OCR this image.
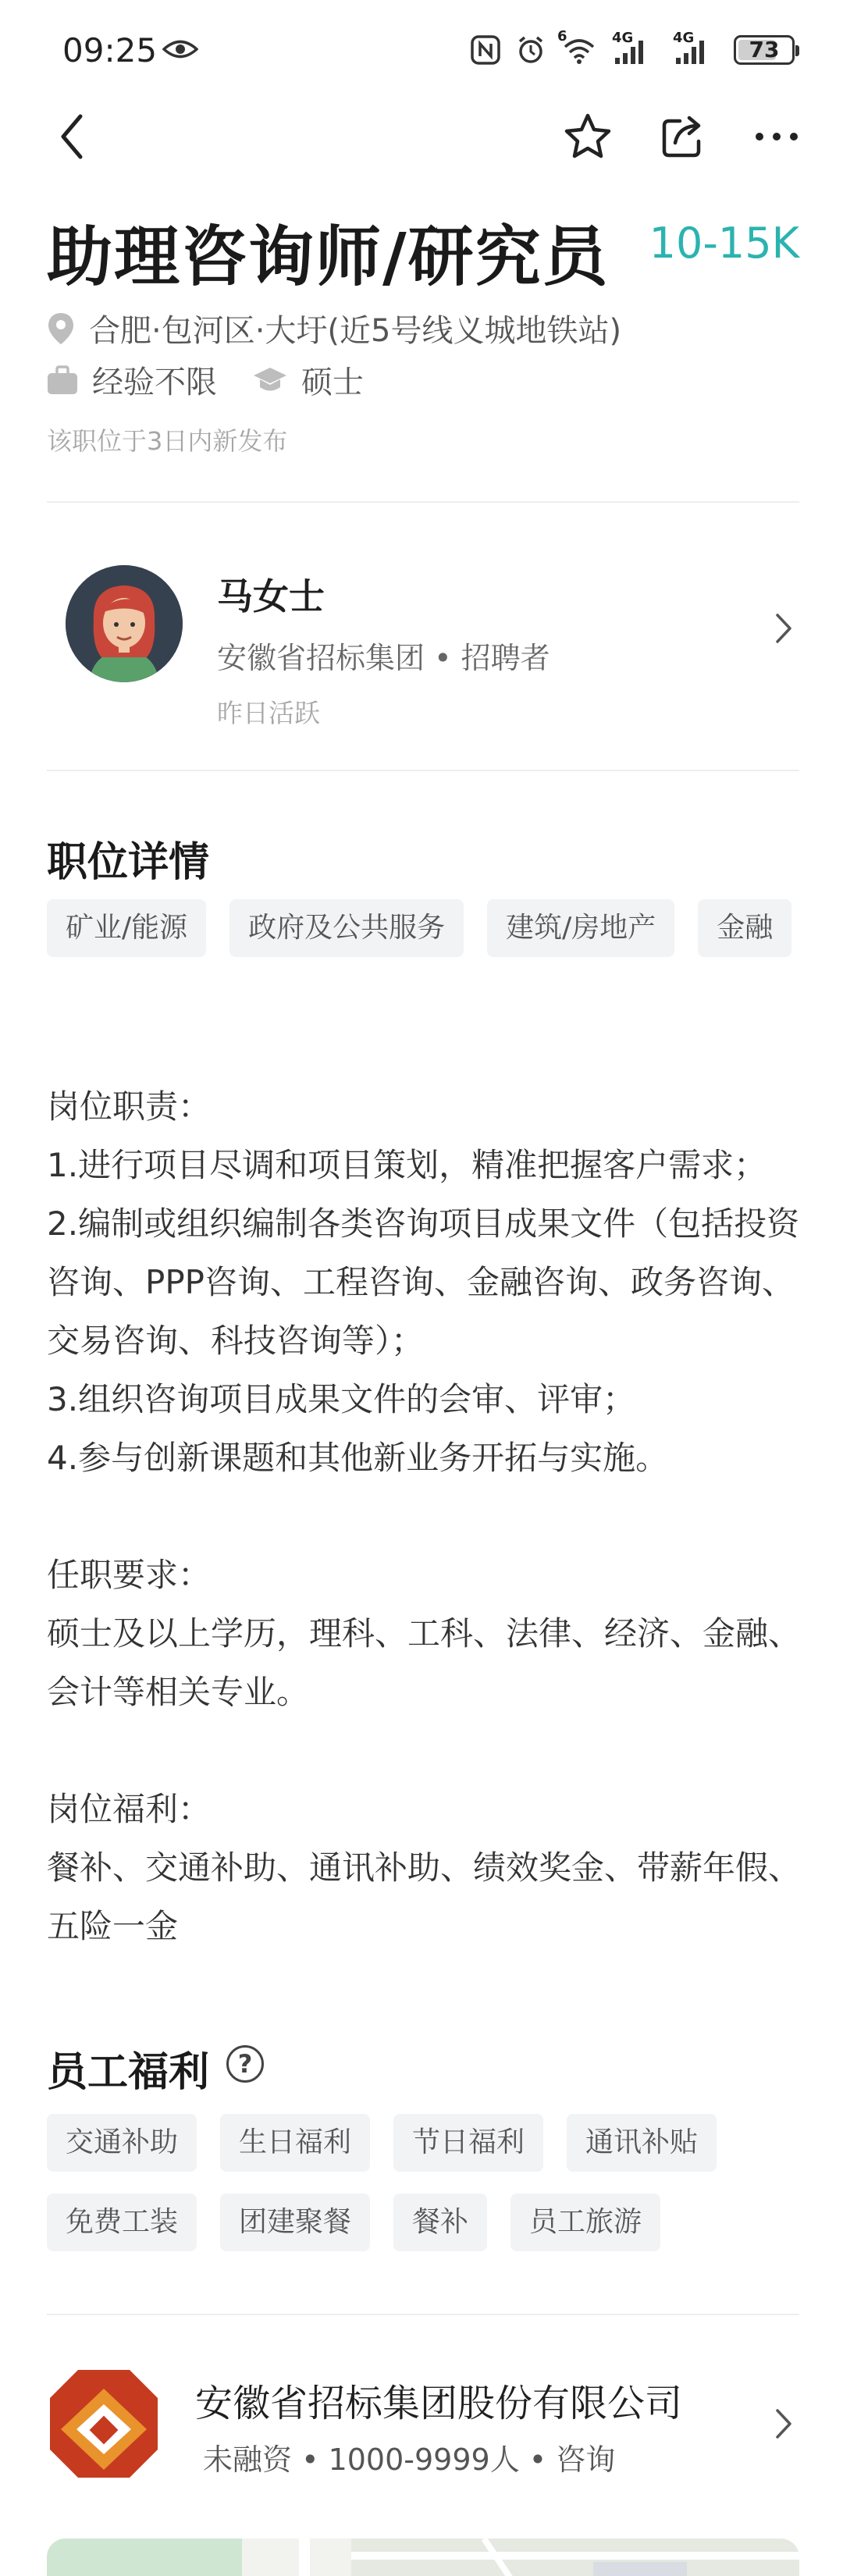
09:25	6	4G	4G	73
助理咨询师/研究员 10-15K
合肥·包河区·大圩(近5号线义城地铁站)
经验不限	硕士
该职位于3日内新发布
马女士
安徽省招标集团 • 招聘者
昨日活跃
职位详情
矿业/能源	政府及公共服务	建筑/房地产	金融
岗位职责：
1.进行项目尽调和项目策划，精准把握客户需求；
2.编制或组织编制各类咨询项目成果文件（包括投资咨询、PPP咨询、工程咨询、金融咨询、政务咨询、交易咨询、科技咨询等）；
3.组织咨询项目成果文件的会审、评审；
4.参与创新课题和其他新业务开拓与实施。

任职要求：
硕士及以上学历，理科、工科、法律、经济、金融、会计等相关专业。

岗位福利：
餐补、交通补助、通讯补助、绩效奖金、带薪年假、五险一金
员工福利	?
交通补助	生日福利	节日福利	通讯补贴
免费工装	团建聚餐	餐补	员工旅游
安徽省招标集团股份有限公司
未融资 • 1000-9999人 • 咨询
